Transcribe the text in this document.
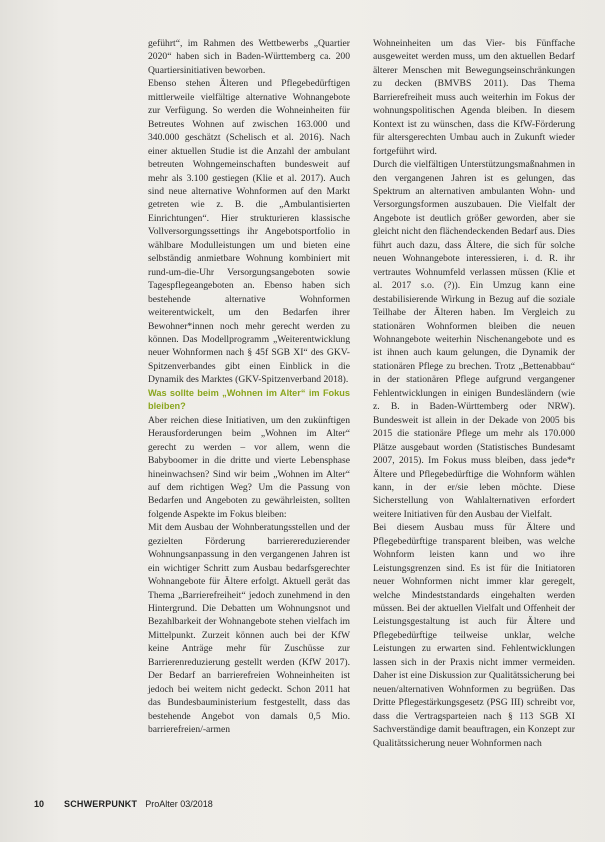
geführt“, im Rahmen des Wettbewerbs „Quartier 2020“ haben sich in Baden-Württemberg ca. 200 Quartiersinitiativen beworben.

Ebenso stehen Älteren und Pflegebedürftigen mittlerweile vielfältige alternative Wohnangebote zur Verfügung. So werden die Wohneinheiten für Betreutes Wohnen auf zwischen 163.000 und 340.000 geschätzt (Schelisch et al. 2016). Nach einer aktuellen Studie ist die Anzahl der ambulant betreuten Wohngemeinschaften bundesweit auf mehr als 3.100 gestiegen (Klie et al. 2017). Auch sind neue alternative Wohnformen auf den Markt getreten wie z. B. die „Ambulantisierten Einrichtungen“. Hier strukturieren klassische Vollversorgungssettings ihr Angebotsportfolio in wählbare Modulleistungen um und bieten eine selbständig anmietbare Wohnung kombiniert mit rund-um-die-Uhr Versorgungsangeboten sowie Tagespflegeangeboten an. Ebenso haben sich bestehende alternative Wohnformen weiterentwickelt, um den Bedarfen ihrer Bewohner*innen noch mehr gerecht werden zu können. Das Modellprogramm „Weiterentwicklung neuer Wohnformen nach § 45f SGB XI“ des GKV-Spitzenverbandes gibt einen Einblick in die Dynamik des Marktes (GKV-Spitzenverband 2018).

Was sollte beim „Wohnen im Alter“ im Fokus bleiben?

Aber reichen diese Initiativen, um den zukünftigen Herausforderungen beim „Wohnen im Alter“ gerecht zu werden – vor allem, wenn die Babyboomer in die dritte und vierte Lebensphase hineinwachsen? Sind wir beim „Wohnen im Alter“ auf dem richtigen Weg? Um die Passung von Bedarfen und Angeboten zu gewährleisten, sollten folgende Aspekte im Fokus bleiben:

Mit dem Ausbau der Wohnberatungsstellen und der gezielten Förderung barrierereduzierender Wohnungsanpassung in den vergangenen Jahren ist ein wichtiger Schritt zum Ausbau bedarfsgerechter Wohnangebote für Ältere erfolgt. Aktuell gerät das Thema „Barrierefreiheit“ jedoch zunehmend in den Hintergrund. Die Debatten um Wohnungsnot und Bezahlbarkeit der Wohnangebote stehen vielfach im Mittelpunkt. Zurzeit können auch bei der KfW keine Anträge mehr für Zuschüsse zur Barrierenreduzierung gestellt werden (KfW 2017). Der Bedarf an barrierefreien Wohneinheiten ist jedoch bei weitem nicht gedeckt. Schon 2011 hat das Bundesbauministerium festgestellt, dass das bestehende Angebot von damals 0,5 Mio. barrierefreien/-armen

Wohneinheiten um das Vier- bis Fünffache ausgeweitet werden muss, um den aktuellen Bedarf älterer Menschen mit Bewegungseinschränkungen zu decken (BMVBS 2011). Das Thema Barrierefreiheit muss auch weiterhin im Fokus der wohnungspolitischen Agenda bleiben. In diesem Kontext ist zu wünschen, dass die KfW-Förderung für altersgerechten Umbau auch in Zukunft wieder fortgeführt wird.

Durch die vielfältigen Unterstützungsmaßnahmen in den vergangenen Jahren ist es gelungen, das Spektrum an alternativen ambulanten Wohn- und Versorgungsformen auszubauen. Die Vielfalt der Angebote ist deutlich größer geworden, aber sie gleicht nicht den flächendeckenden Bedarf aus. Dies führt auch dazu, dass Ältere, die sich für solche neuen Wohnangebote interessieren, i. d. R. ihr vertrautes Wohnumfeld verlassen müssen (Klie et al. 2017 s.o. (?)). Ein Umzug kann eine destabilisierende Wirkung in Bezug auf die soziale Teilhabe der Älteren haben. Im Vergleich zu stationären Wohnformen bleiben die neuen Wohnangebote weiterhin Nischenangebote und es ist ihnen auch kaum gelungen, die Dynamik der stationären Pflege zu brechen. Trotz „Bettenabbau“ in der stationären Pflege aufgrund vergangener Fehlentwicklungen in einigen Bundesländern (wie z. B. in Baden-Württemberg oder NRW). Bundesweit ist allein in der Dekade von 2005 bis 2015 die stationäre Pflege um mehr als 170.000 Plätze ausgebaut worden (Statistisches Bundesamt 2007, 2015). Im Fokus muss bleiben, dass jede*r Ältere und Pflegebedürftige die Wohnform wählen kann, in der er/sie leben möchte. Diese Sicherstellung von Wahlalternativen erfordert weitere Initiativen für den Ausbau der Vielfalt.

Bei diesem Ausbau muss für Ältere und Pflegebedürftige transparent bleiben, was welche Wohnform leisten kann und wo ihre Leistungsgrenzen sind. Es ist für die Initiatoren neuer Wohnformen nicht immer klar geregelt, welche Mindeststandards eingehalten werden müssen. Bei der aktuellen Vielfalt und Offenheit der Leistungsgestaltung ist auch für Ältere und Pflegebedürftige teilweise unklar, welche Leistungen zu erwarten sind. Fehlentwicklungen lassen sich in der Praxis nicht immer vermeiden. Daher ist eine Diskussion zur Qualitätssicherung bei neuen/alternativen Wohnformen zu begrüßen. Das Dritte Pflegestärkungsgesetz (PSG III) schreibt vor, dass die Vertragsparteien nach § 113 SGB XI Sachverständige damit beauftragen, ein Konzept zur Qualitätssicherung neuer Wohnformen nach

10 SCHWERPUNKT ProAlter 03/2018
